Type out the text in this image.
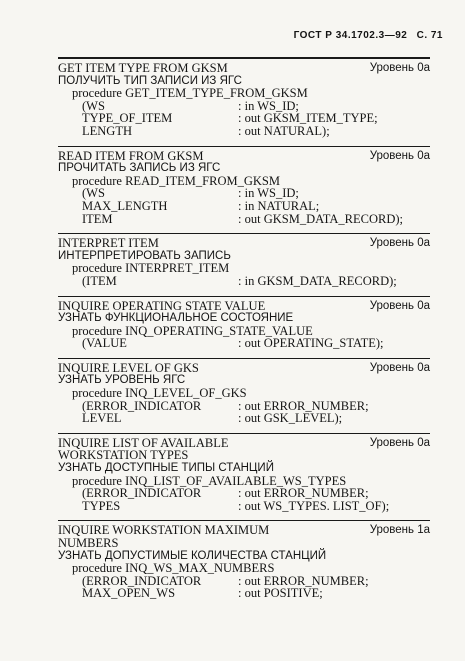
ГОСТ Р 34.1702.3—92 С. 71
GET ITEM TYPE FROM GKSM	Уровень 0a
ПОЛУЧИТЬ ТИП ЗАПИСИ ИЗ ЯГС
procedure GET_ITEM_TYPE_FROM_GKSM
(WS	: in WS_ID;
TYPE_OF_ITEM	: out GKSM_ITEM_TYPE;
LENGTH	: out NATURAL);
READ ITEM FROM GKSM	Уровень 0a
ПРОЧИТАТЬ ЗАПИСЬ ИЗ ЯГС
procedure READ_ITEM_FROM_GKSM
(WS	: in WS_ID;
MAX_LENGTH	: in NATURAL;
ITEM	: out GKSM_DATA_RECORD);
INTERPRET ITEM	Уровень 0a
ИНТЕРПРЕТИРОВАТЬ ЗАПИСЬ
procedure INTERPRET_ITEM
(ITEM	: in GKSM_DATA_RECORD);
INQUIRE OPERATING STATE VALUE	Уровень 0a
УЗНАТЬ ФУНКЦИОНАЛЬНОЕ СОСТОЯНИЕ
procedure INQ_OPERATING_STATE_VALUE
(VALUE	: out OPERATING_STATE);
INQUIRE LEVEL OF GKS	Уровень 0a
УЗНАТЬ УРОВЕНЬ ЯГС
procedure INQ_LEVEL_OF_GKS
(ERROR_INDICATOR	: out ERROR_NUMBER;
LEVEL	: out GSK_LEVEL);
INQUIRE LIST OF AVAILABLE	Уровень 0a
WORKSTATION TYPES
УЗНАТЬ ДОСТУПНЫЕ ТИПЫ СТАНЦИЙ
procedure INQ_LIST_OF_AVAILABLE_WS_TYPES
(ERROR_INDICATOR	: out ERROR_NUMBER;
TYPES	: out WS_TYPES. LIST_OF);
INQUIRE WORKSTATION MAXIMUM	Уровень 1a
NUMBERS
УЗНАТЬ ДОПУСТИМЫЕ КОЛИЧЕСТВА СТАНЦИЙ
procedure INQ_WS_MAX_NUMBERS
(ERROR_INDICATOR	: out ERROR_NUMBER;
MAX_OPEN_WS	: out POSITIVE;
